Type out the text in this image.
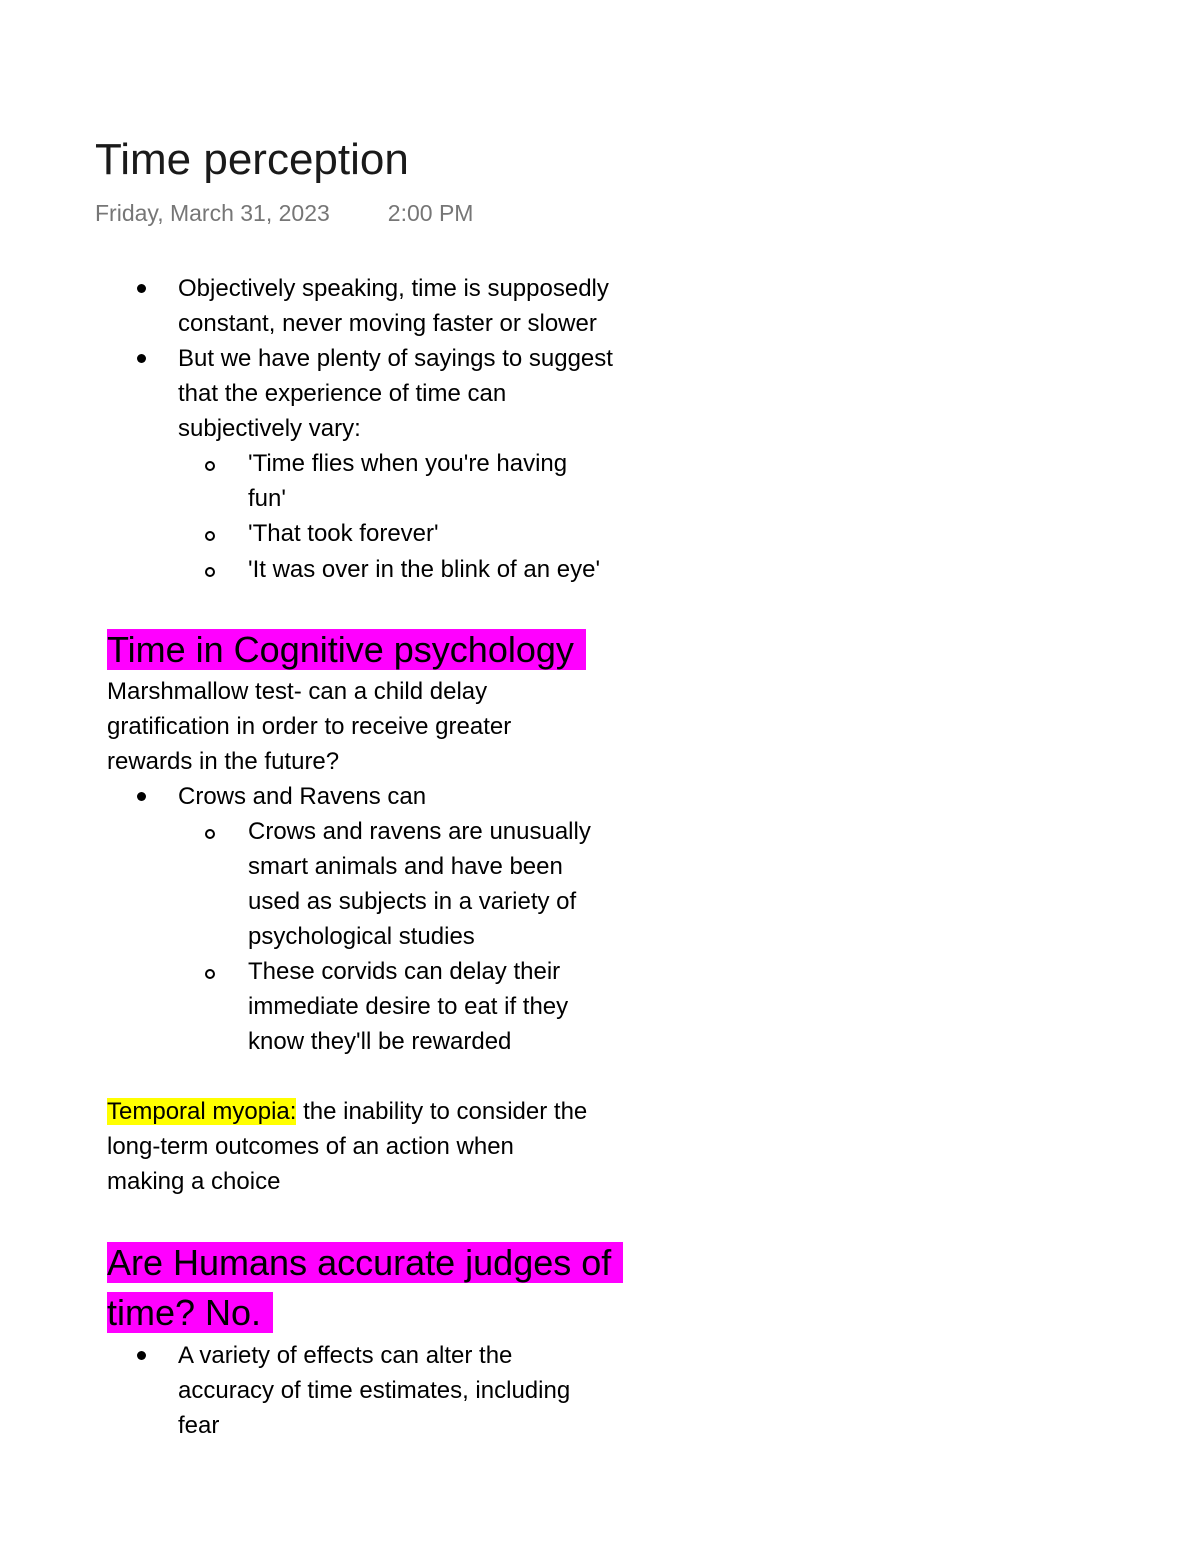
Time perception
Friday, March 31, 2023	2:00 PM
Objectively speaking, time is supposedly
constant, never moving faster or slower
But we have plenty of sayings to suggest
that the experience of time can
subjectively vary:
'Time flies when you're having
fun'
'That took forever'
'It was over in the blink of an eye'
Time in Cognitive psychology
Marshmallow test- can a child delay
gratification in order to receive greater
rewards in the future?
Crows and Ravens can
Crows and ravens are unusually
smart animals and have been
used as subjects in a variety of
psychological studies
These corvids can delay their
immediate desire to eat if they
know they'll be rewarded
Temporal myopia: the inability to consider the
long-term outcomes of an action when
making a choice
Are Humans accurate judges of
time? No.
A variety of effects can alter the
accuracy of time estimates, including
fear
